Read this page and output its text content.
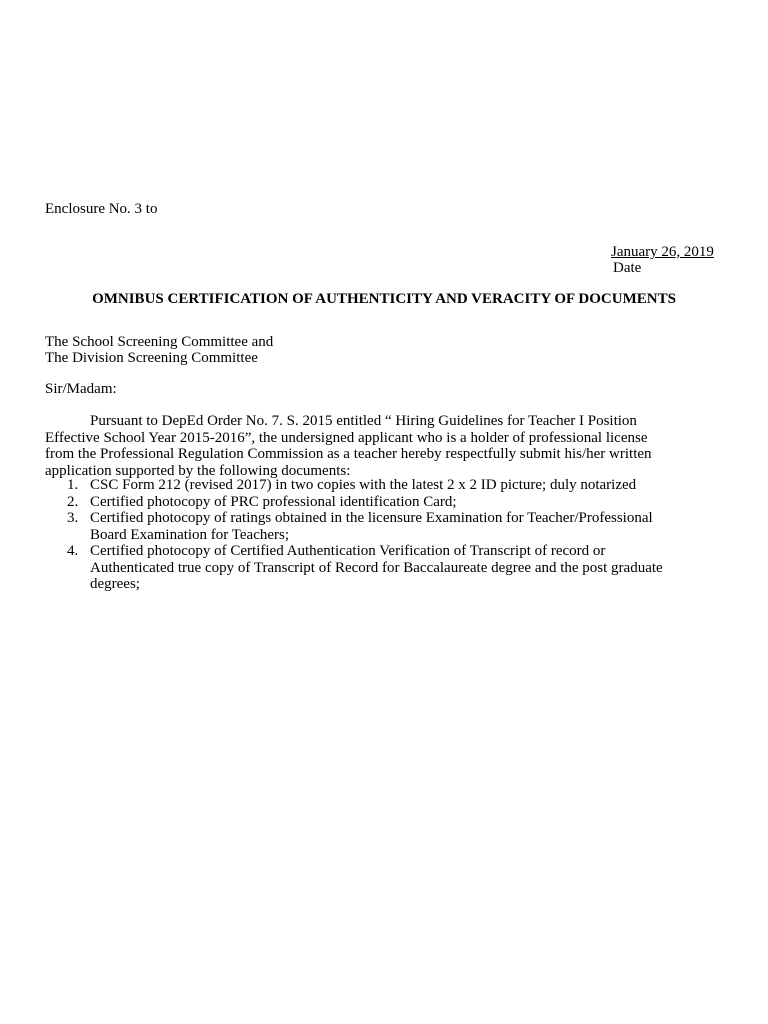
Enclosure No. 3 to
January 26, 2019
Date
OMNIBUS CERTIFICATION OF AUTHENTICITY AND VERACITY OF DOCUMENTS
The School Screening Committee and
The Division Screening Committee
Sir/Madam:
Pursuant to DepEd Order No. 7. S. 2015 entitled “ Hiring Guidelines for Teacher I Position
Effective School Year 2015-2016”, the undersigned applicant who is a holder of professional license
from the Professional Regulation Commission as a teacher hereby respectfully submit his/her written
application supported by the following documents:
1. CSC Form 212 (revised 2017) in two copies with the latest 2 x 2 ID picture; duly notarized
2. Certified photocopy of PRC professional identification Card;
3. Certified photocopy of ratings obtained in the licensure Examination for Teacher/Professional
Board Examination for Teachers;
4. Certified photocopy of Certified Authentication Verification of Transcript of record or
Authenticated true copy of Transcript of Record for Baccalaureate degree and the post graduate
degrees;
